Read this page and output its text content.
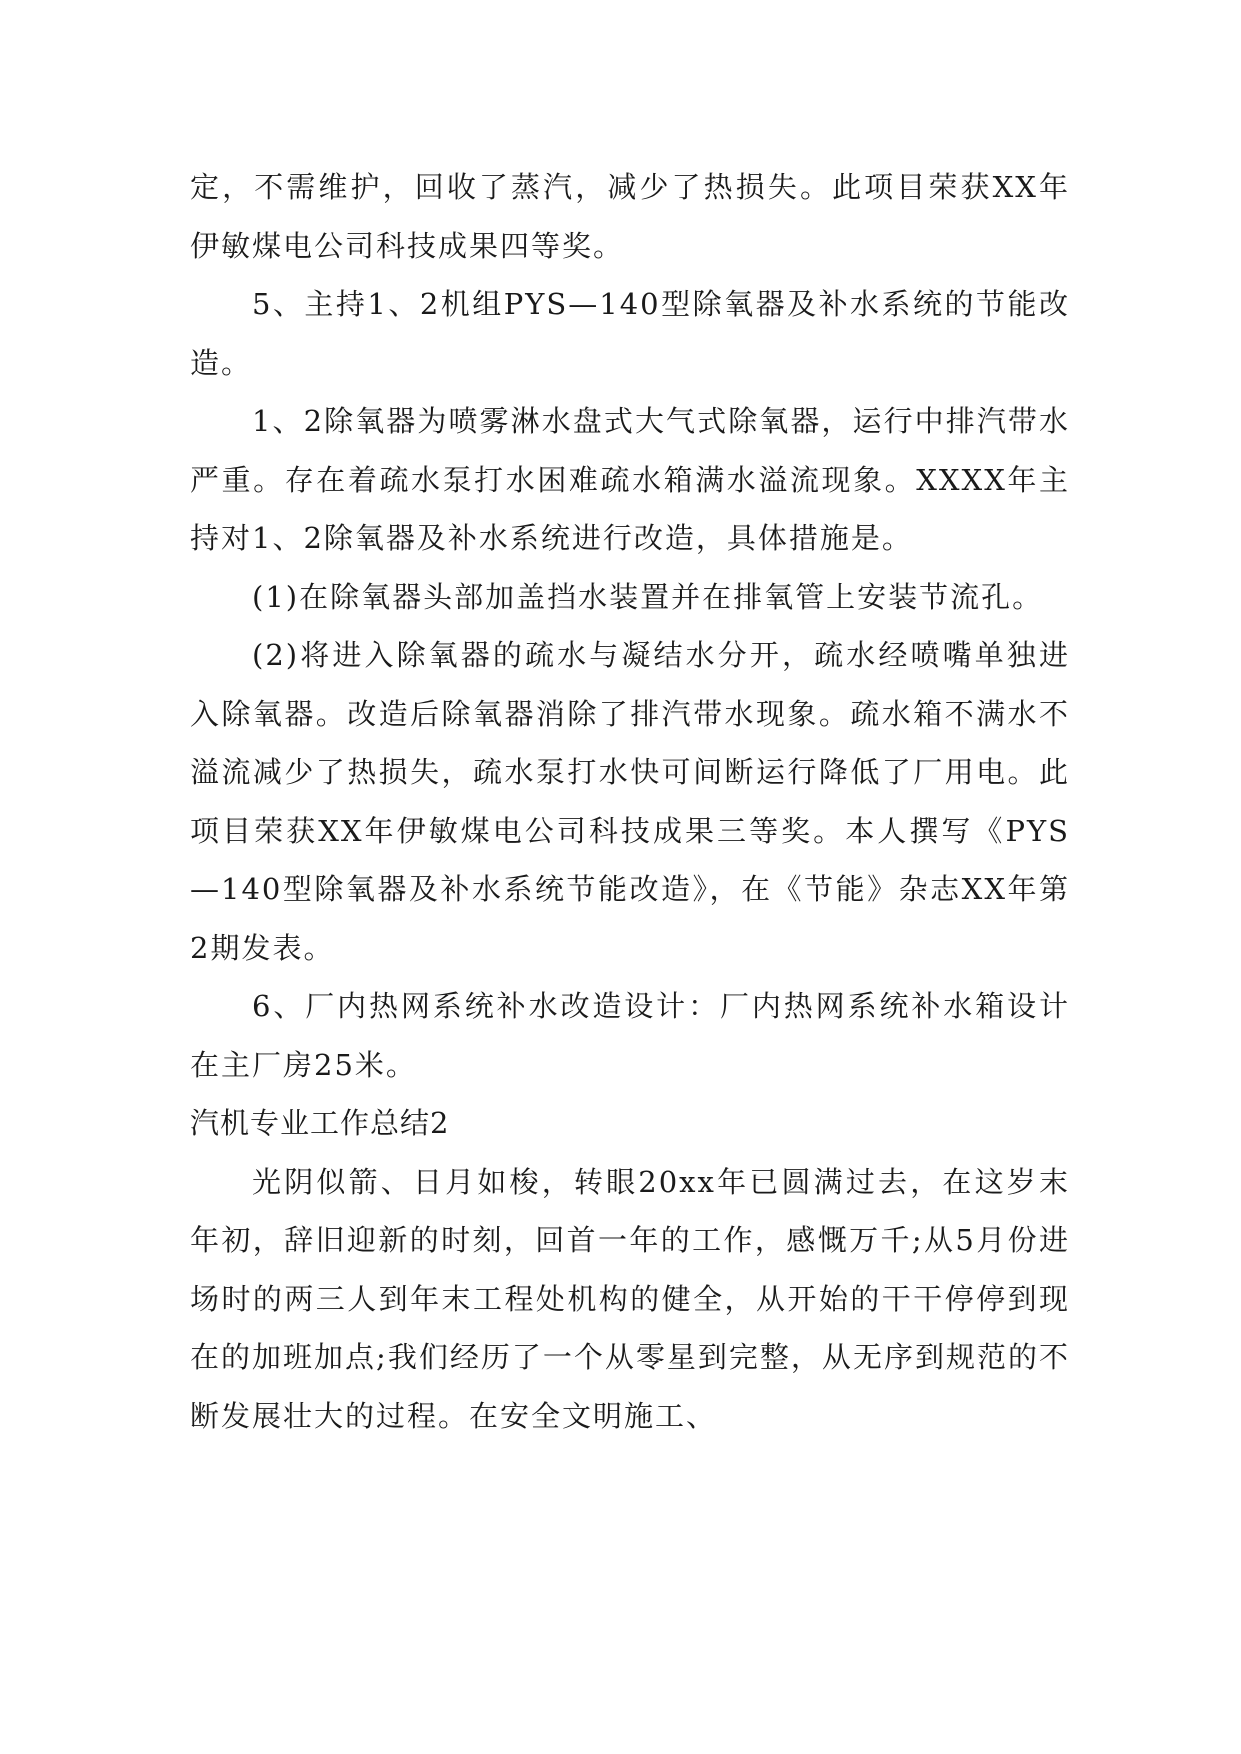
定，不需维护，回收了蒸汽，减少了热损失。此项目荣获XX年伊敏煤电公司科技成果四等奖。

5、主持1、2机组PYS—140型除氧器及补水系统的节能改造。

1、2除氧器为喷雾淋水盘式大气式除氧器，运行中排汽带水严重。存在着疏水泵打水困难疏水箱满水溢流现象。XXXX年主持对1、2除氧器及补水系统进行改造，具体措施是。

(1)在除氧器头部加盖挡水装置并在排氧管上安装节流孔。

(2)将进入除氧器的疏水与凝结水分开，疏水经喷嘴单独进入除氧器。改造后除氧器消除了排汽带水现象。疏水箱不满水不溢流减少了热损失，疏水泵打水快可间断运行降低了厂用电。此项目荣获XX年伊敏煤电公司科技成果三等奖。本人撰写《PYS—140型除氧器及补水系统节能改造》，在《节能》杂志XX年第2期发表。

6、厂内热网系统补水改造设计：厂内热网系统补水箱设计在主厂房25米。

汽机专业工作总结2

光阴似箭、日月如梭，转眼20xx年已圆满过去，在这岁末年初，辞旧迎新的时刻，回首一年的工作，感慨万千;从5月份进场时的两三人到年末工程处机构的健全，从开始的干干停停到现在的加班加点;我们经历了一个从零星到完整，从无序到规范的不断发展壮大的过程。在安全文明施工、
